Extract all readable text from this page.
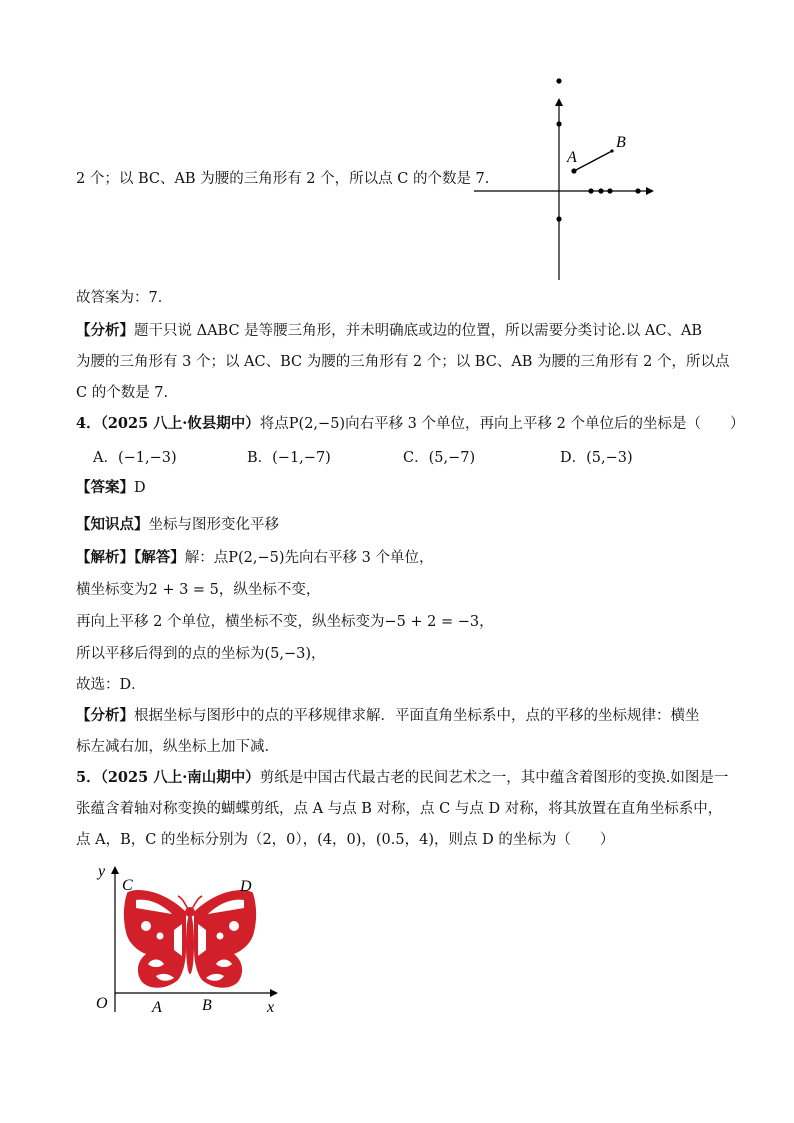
A
B
2 个；以 BC、AB 为腰的三角形有 2 个，所以点 C 的个数是 7.
故答案为：7．
【分析】题干只说 ΔABC 是等腰三角形，并未明确底或边的位置，所以需要分类讨论.以 AC、AB
为腰的三角形有 3 个；以 AC、BC 为腰的三角形有 2 个；以 BC、AB 为腰的三角形有 2 个，所以点
C 的个数是 7.
4．（2025 八上·攸县期中）将点P(2,−5)向右平移 3 个单位，再向上平移 2 个单位后的坐标是（　　）
A．(−1,−3)	B．(−1,−7)	C．(5,−7)	D．(5,−3)
【答案】D
【知识点】坐标与图形变化平移
【解析】【解答】解：点P(2,−5)先向右平移 3 个单位，
横坐标变为2 + 3 = 5，纵坐标不变，
再向上平移 2 个单位，横坐标不变，纵坐标变为−5 + 2 = −3，
所以平移后得到的点的坐标为(5,−3)，
故选：D．
【分析】根据坐标与图形中的点的平移规律求解．平面直角坐标系中，点的平移的坐标规律：横坐
标左减右加，纵坐标上加下减．
5．（2025 八上·南山期中）剪纸是中国古代最古老的民间艺术之一，其中蕴含着图形的变换.如图是一
张蕴含着轴对称变换的蝴蝶剪纸，点 A 与点 B 对称，点 C 与点 D 对称，将其放置在直角坐标系中，
点 A，B，C 的坐标分别为（2，0），(4，0)，(0.5，4)，则点 D 的坐标为（　　）
y
x
O	A	B
C	D
